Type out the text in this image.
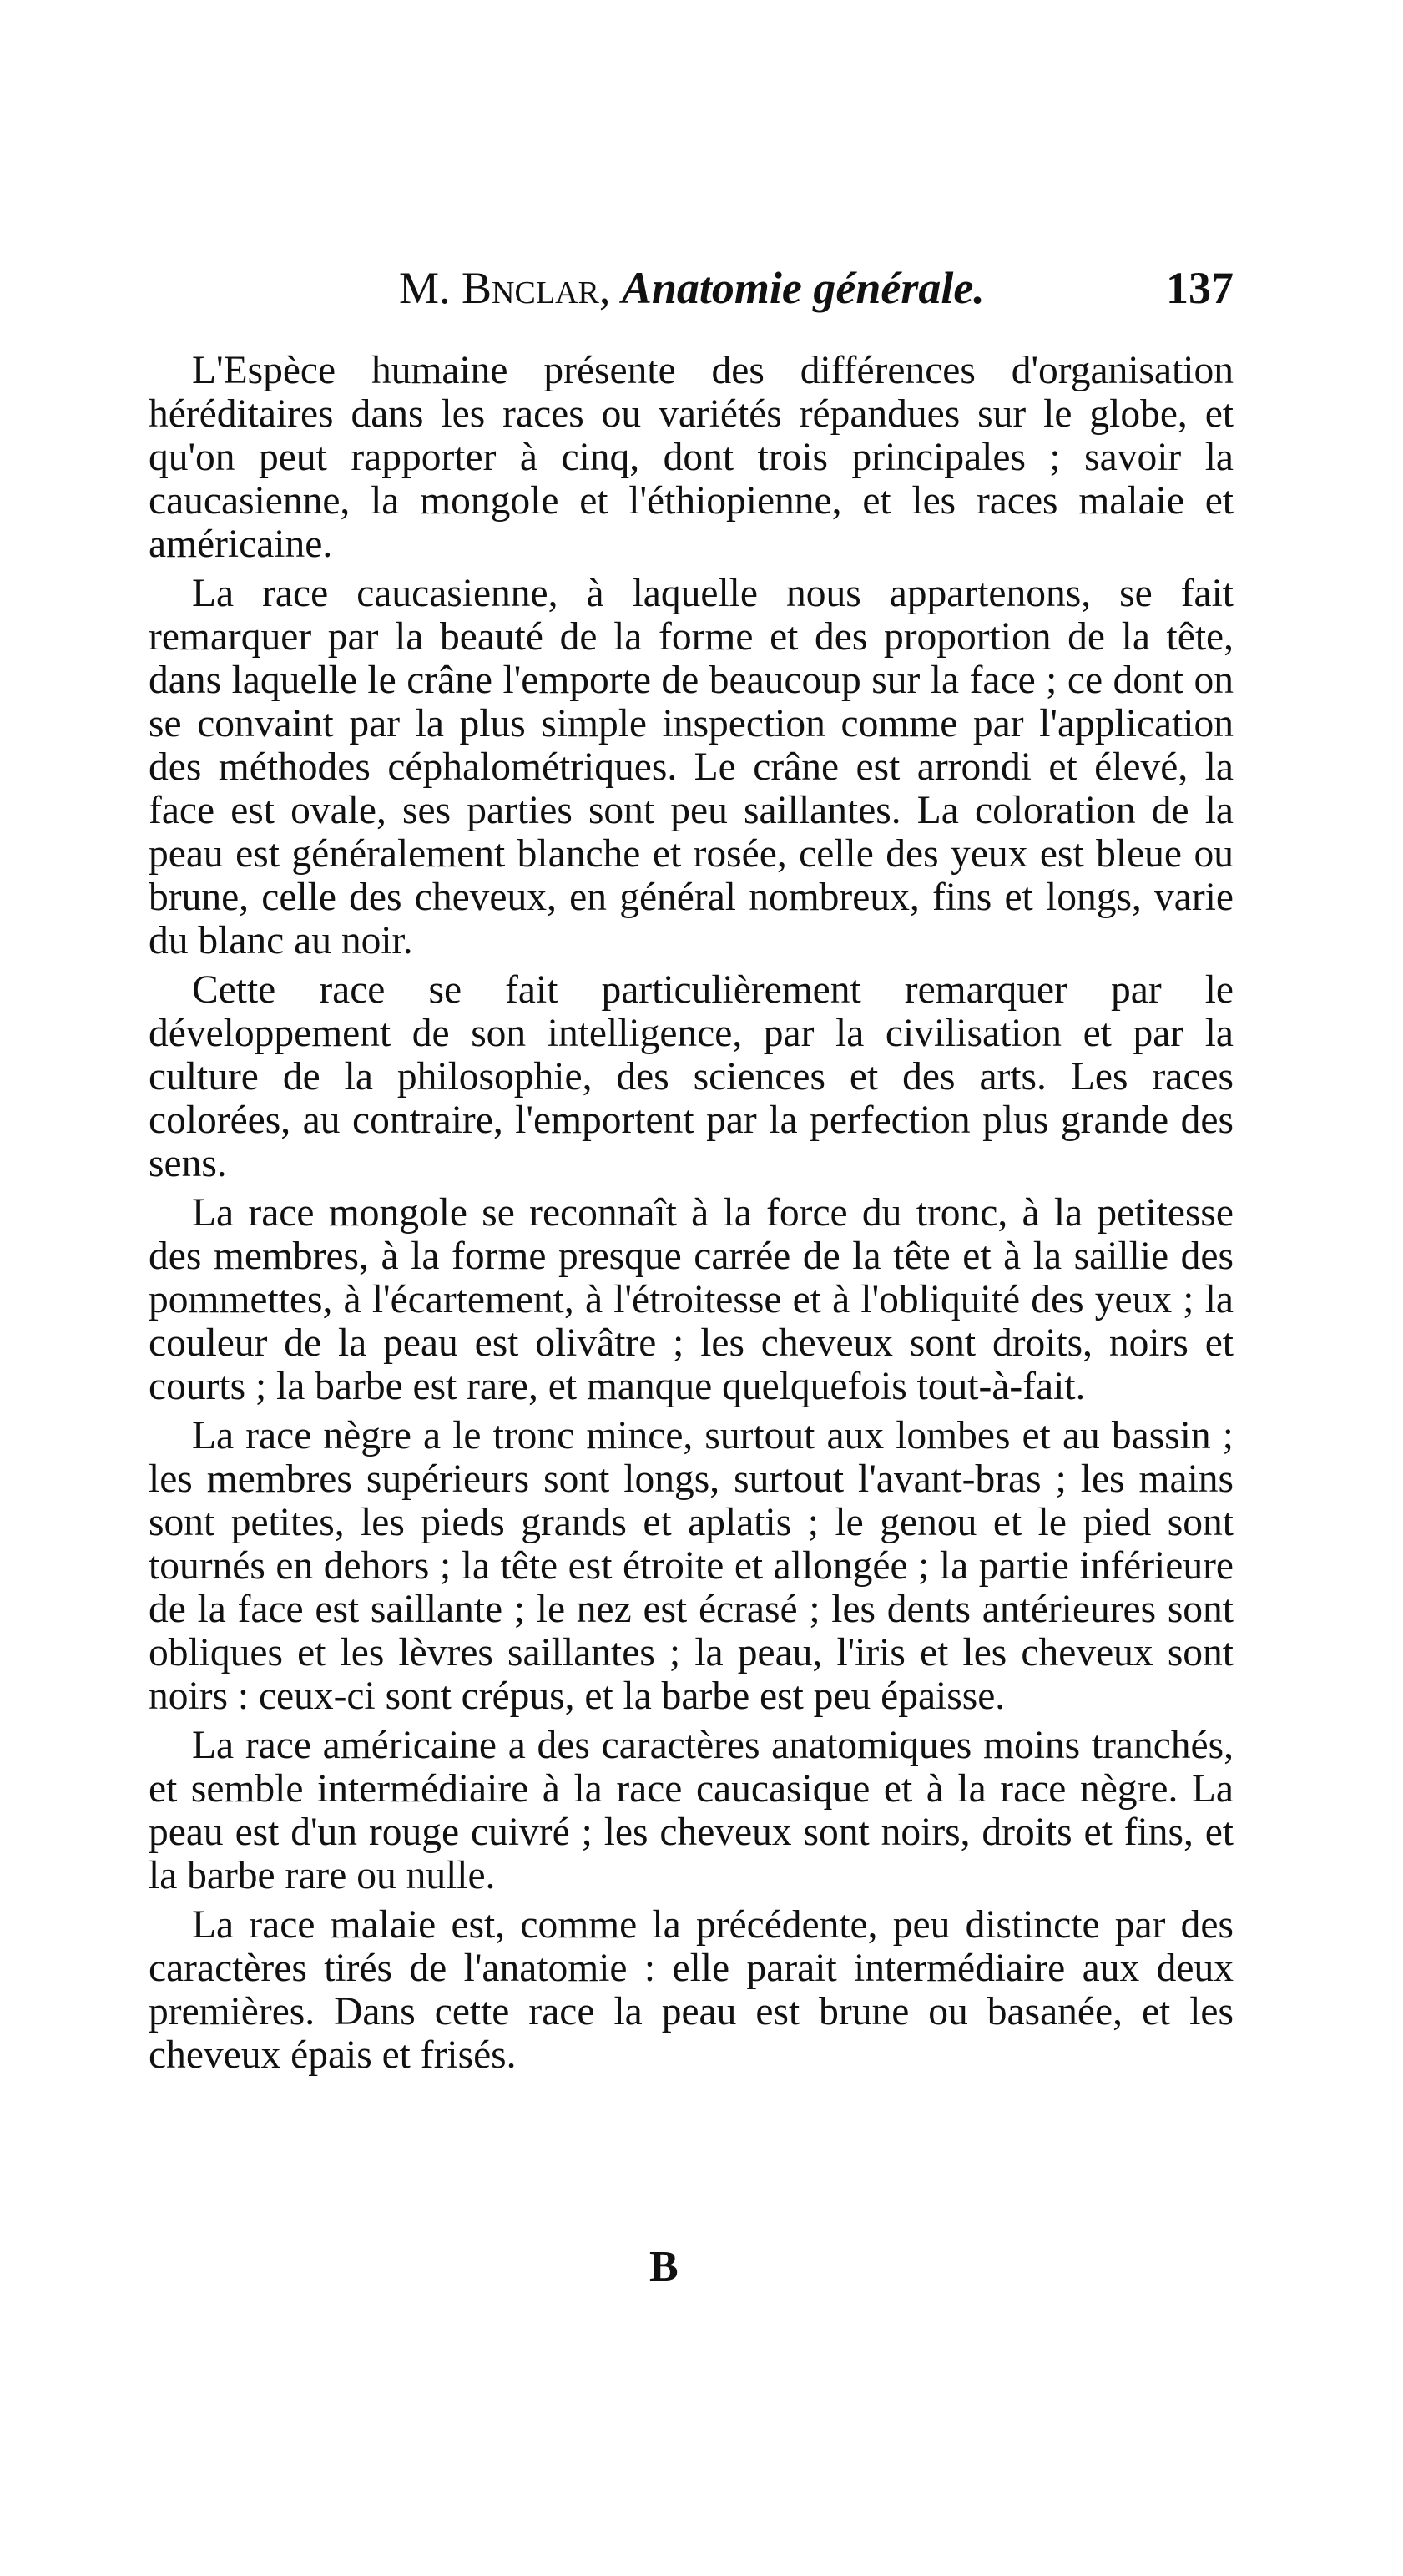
M. Bnclar, Anatomie générale.	137

L'Espèce humaine présente des différences d'organisation héréditaires dans les races ou variétés répandues sur le globe, et qu'on peut rapporter à cinq, dont trois principales ; savoir la caucasienne, la mongole et l'éthiopienne, et les races malaie et américaine.

La race caucasienne, à laquelle nous appartenons, se fait remarquer par la beauté de la forme et des proportion de la tête, dans laquelle le crâne l'emporte de beaucoup sur la face ; ce dont on se convaint par la plus simple inspection comme par l'application des méthodes céphalométriques. Le crâne est arrondi et élevé, la face est ovale, ses parties sont peu saillantes. La coloration de la peau est généralement blanche et rosée, celle des yeux est bleue ou brune, celle des cheveux, en général nombreux, fins et longs, varie du blanc au noir.

Cette race se fait particulièrement remarquer par le développement de son intelligence, par la civilisation et par la culture de la philosophie, des sciences et des arts. Les races colorées, au contraire, l'emportent par la perfection plus grande des sens.

La race mongole se reconnaît à la force du tronc, à la petitesse des membres, à la forme presque carrée de la tête et à la saillie des pommettes, à l'écartement, à l'étroitesse et à l'obliquité des yeux ; la couleur de la peau est olivâtre ; les cheveux sont droits, noirs et courts ; la barbe est rare, et manque quelquefois tout-à-fait.

La race nègre a le tronc mince, surtout aux lombes et au bassin ; les membres supérieurs sont longs, surtout l'avant-bras ; les mains sont petites, les pieds grands et aplatis ; le genou et le pied sont tournés en dehors ; la tête est étroite et allongée ; la partie inférieure de la face est saillante ; le nez est écrasé ; les dents antérieures sont obliques et les lèvres saillantes ; la peau, l'iris et les cheveux sont noirs : ceux-ci sont crépus, et la barbe est peu épaisse.

La race américaine a des caractères anatomiques moins tranchés, et semble intermédiaire à la race caucasique et à la race nègre. La peau est d'un rouge cuivré ; les cheveux sont noirs, droits et fins, et la barbe rare ou nulle.

La race malaie est, comme la précédente, peu distincte par des caractères tirés de l'anatomie : elle parait intermédiaire aux deux premières. Dans cette race la peau est brune ou basanée, et les cheveux épais et frisés.

B
